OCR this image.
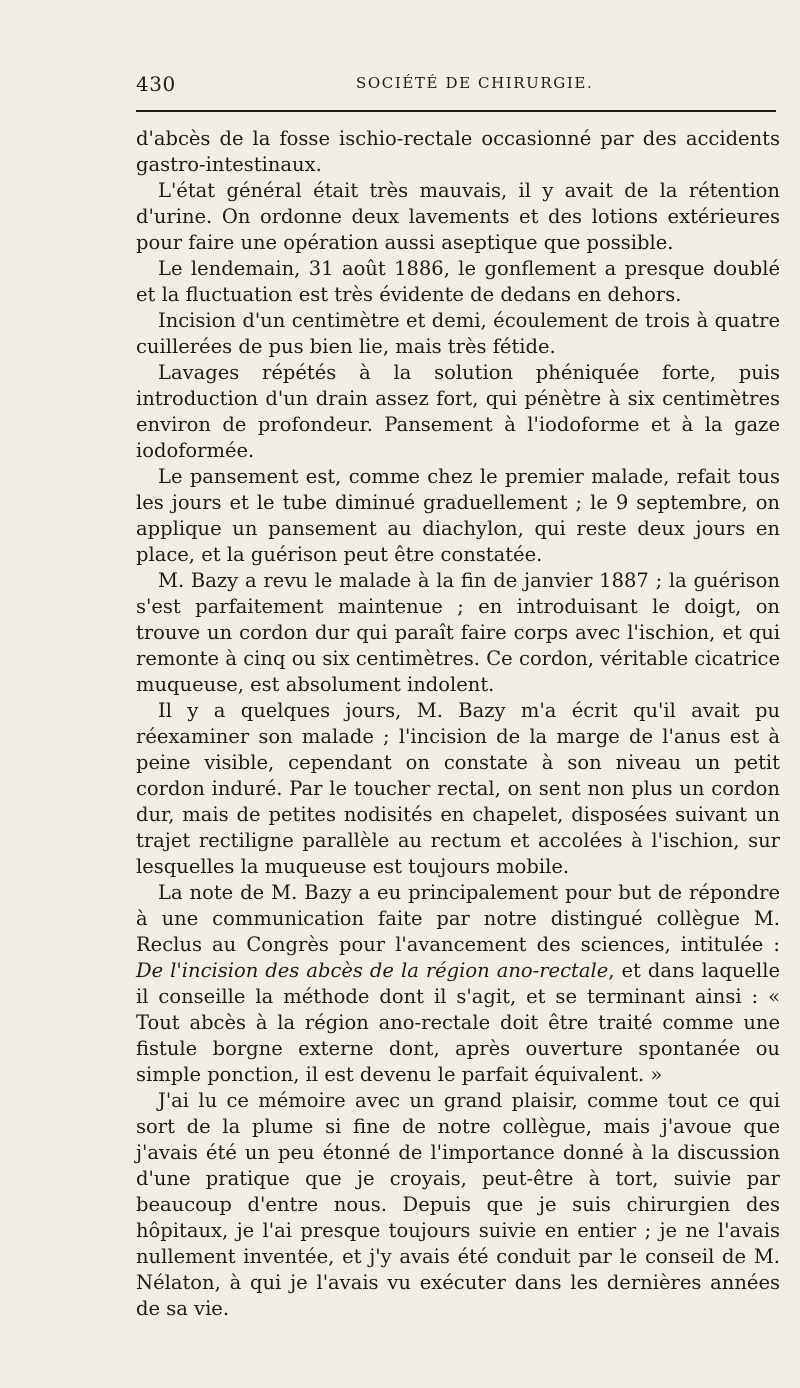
430	SOCIÉTÉ DE CHIRURGIE.

d'abcès de la fosse ischio-rectale occasionné par des accidents gastro-intestinaux.

L'état général était très mauvais, il y avait de la rétention d'urine. On ordonne deux lavements et des lotions extérieures pour faire une opération aussi aseptique que possible.

Le lendemain, 31 août 1886, le gonflement a presque doublé et la fluctuation est très évidente de dedans en dehors.

Incision d'un centimètre et demi, écoulement de trois à quatre cuillerées de pus bien lie, mais très fétide.

Lavages répétés à la solution phéniquée forte, puis introduction d'un drain assez fort, qui pénètre à six centimètres environ de profondeur. Pansement à l'iodoforme et à la gaze iodoformée.

Le pansement est, comme chez le premier malade, refait tous les jours et le tube diminué graduellement ; le 9 septembre, on applique un pansement au diachylon, qui reste deux jours en place, et la guérison peut être constatée.

M. Bazy a revu le malade à la fin de janvier 1887 ; la guérison s'est parfaitement maintenue ; en introduisant le doigt, on trouve un cordon dur qui paraît faire corps avec l'ischion, et qui remonte à cinq ou six centimètres. Ce cordon, véritable cicatrice muqueuse, est absolument indolent.

Il y a quelques jours, M. Bazy m'a écrit qu'il avait pu réexaminer son malade ; l'incision de la marge de l'anus est à peine visible, cependant on constate à son niveau un petit cordon induré. Par le toucher rectal, on sent non plus un cordon dur, mais de petites nodisités en chapelet, disposées suivant un trajet rectiligne parallèle au rectum et accolées à l'ischion, sur lesquelles la muqueuse est toujours mobile.

La note de M. Bazy a eu principalement pour but de répondre à une communication faite par notre distingué collègue M. Reclus au Congrès pour l'avancement des sciences, intitulée : De l'incision des abcès de la région ano-rectale, et dans laquelle il conseille la méthode dont il s'agit, et se terminant ainsi : « Tout abcès à la région ano-rectale doit être traité comme une fistule borgne externe dont, après ouverture spontanée ou simple ponction, il est devenu le parfait équivalent. »

J'ai lu ce mémoire avec un grand plaisir, comme tout ce qui sort de la plume si fine de notre collègue, mais j'avoue que j'avais été un peu étonné de l'importance donné à la discussion d'une pratique que je croyais, peut-être à tort, suivie par beaucoup d'entre nous. Depuis que je suis chirurgien des hôpitaux, je l'ai presque toujours suivie en entier ; je ne l'avais nullement inventée, et j'y avais été conduit par le conseil de M. Nélaton, à qui je l'avais vu exécuter dans les dernières années de sa vie.
